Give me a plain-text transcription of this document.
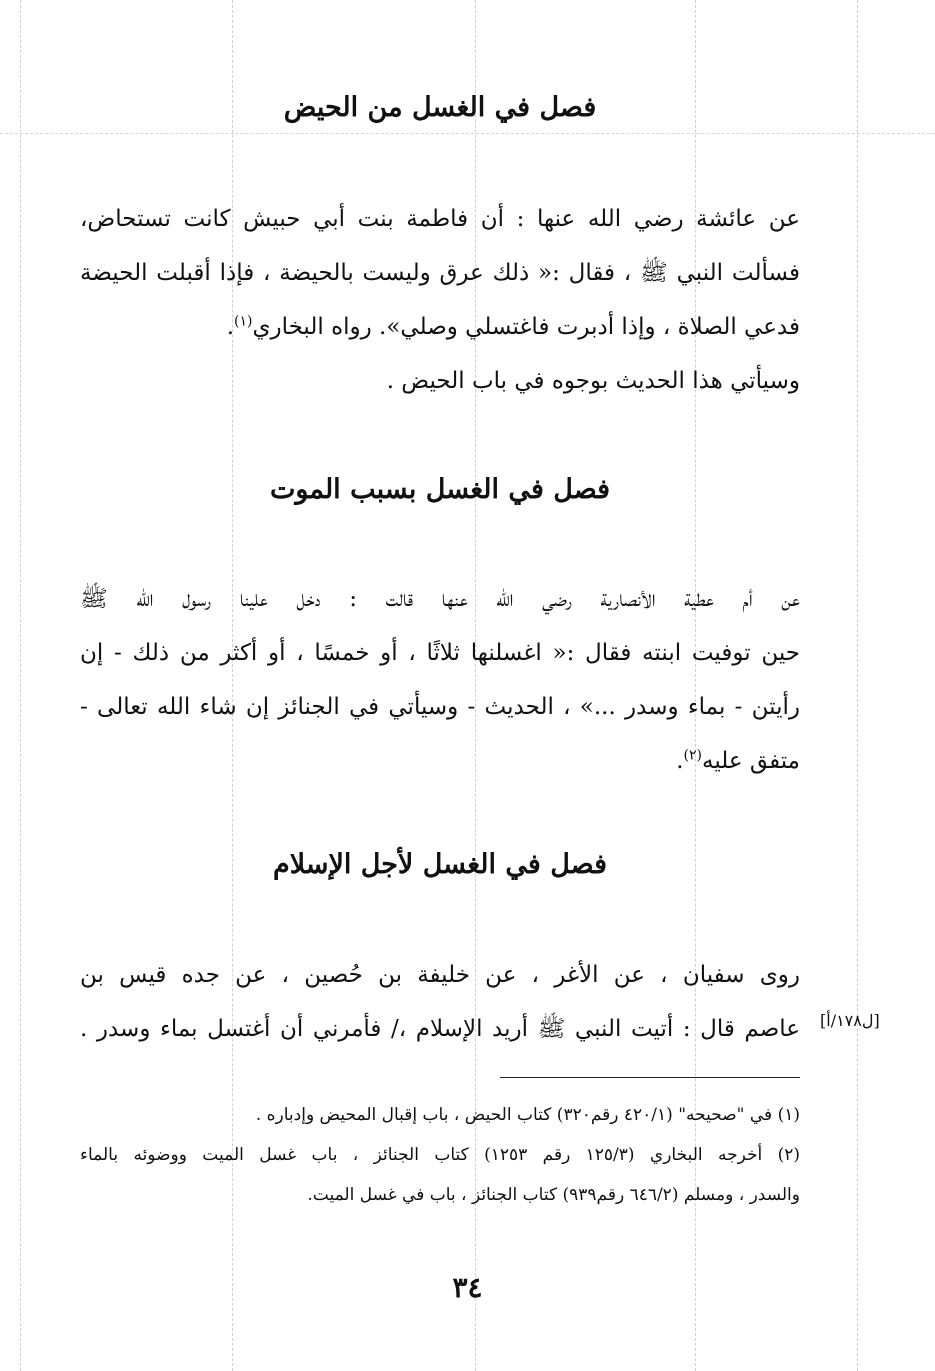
فصل في الغسل من الحيض
عن عائشة رضي الله عنها : أن فاطمة بنت أبي حبيش كانت تستحاض،
فسألت النبي ﷺ ، فقال :« ذلك عرق وليست بالحيضة ، فإذا أقبلت الحيضة
فدعي الصلاة ، وإذا أدبرت فاغتسلي وصلي». رواه البخاري$^{(١)}$.
وسيأتي هذا الحديث بوجوه في باب الحيض .
فصل في الغسل بسبب الموت
عن أم عطية الأنصارية رضي الله عنها قالت : دخل علينا رسول الله ﷺ
حين توفيت ابنته فقال :« اغسلنها ثلاثًا ، أو خمسًا ، أو أكثر من ذلك - إن
رأيتن - بماء وسدر ...» ، الحديث - وسيأتي في الجنائز إن شاء الله تعالى -
متفق عليه$^{(٢)}$.
فصل في الغسل لأجل الإسلام
روى سفيان ، عن الأغر ، عن خليفة بن حُصين ، عن جده قيس بن
عاصم قال : أتيت النبي ﷺ أريد الإسلام ،/ فأمرني أن أغتسل بماء وسدر . [ل١٧٨/أ]
(١) في "صحيحه" (٤٢٠/١ رقم٣٢٠) كتاب الحيض ، باب إقبال المحيض وإدباره .
(٢) أخرجه البخاري (١٢٥/٣ رقم ١٢٥٣) كتاب الجنائز ، باب غسل الميت ووضوئه بالماء
والسدر ، ومسلم (٦٤٦/٢ رقم٩٣٩) كتاب الجنائز ، باب في غسل الميت.
٣٤
